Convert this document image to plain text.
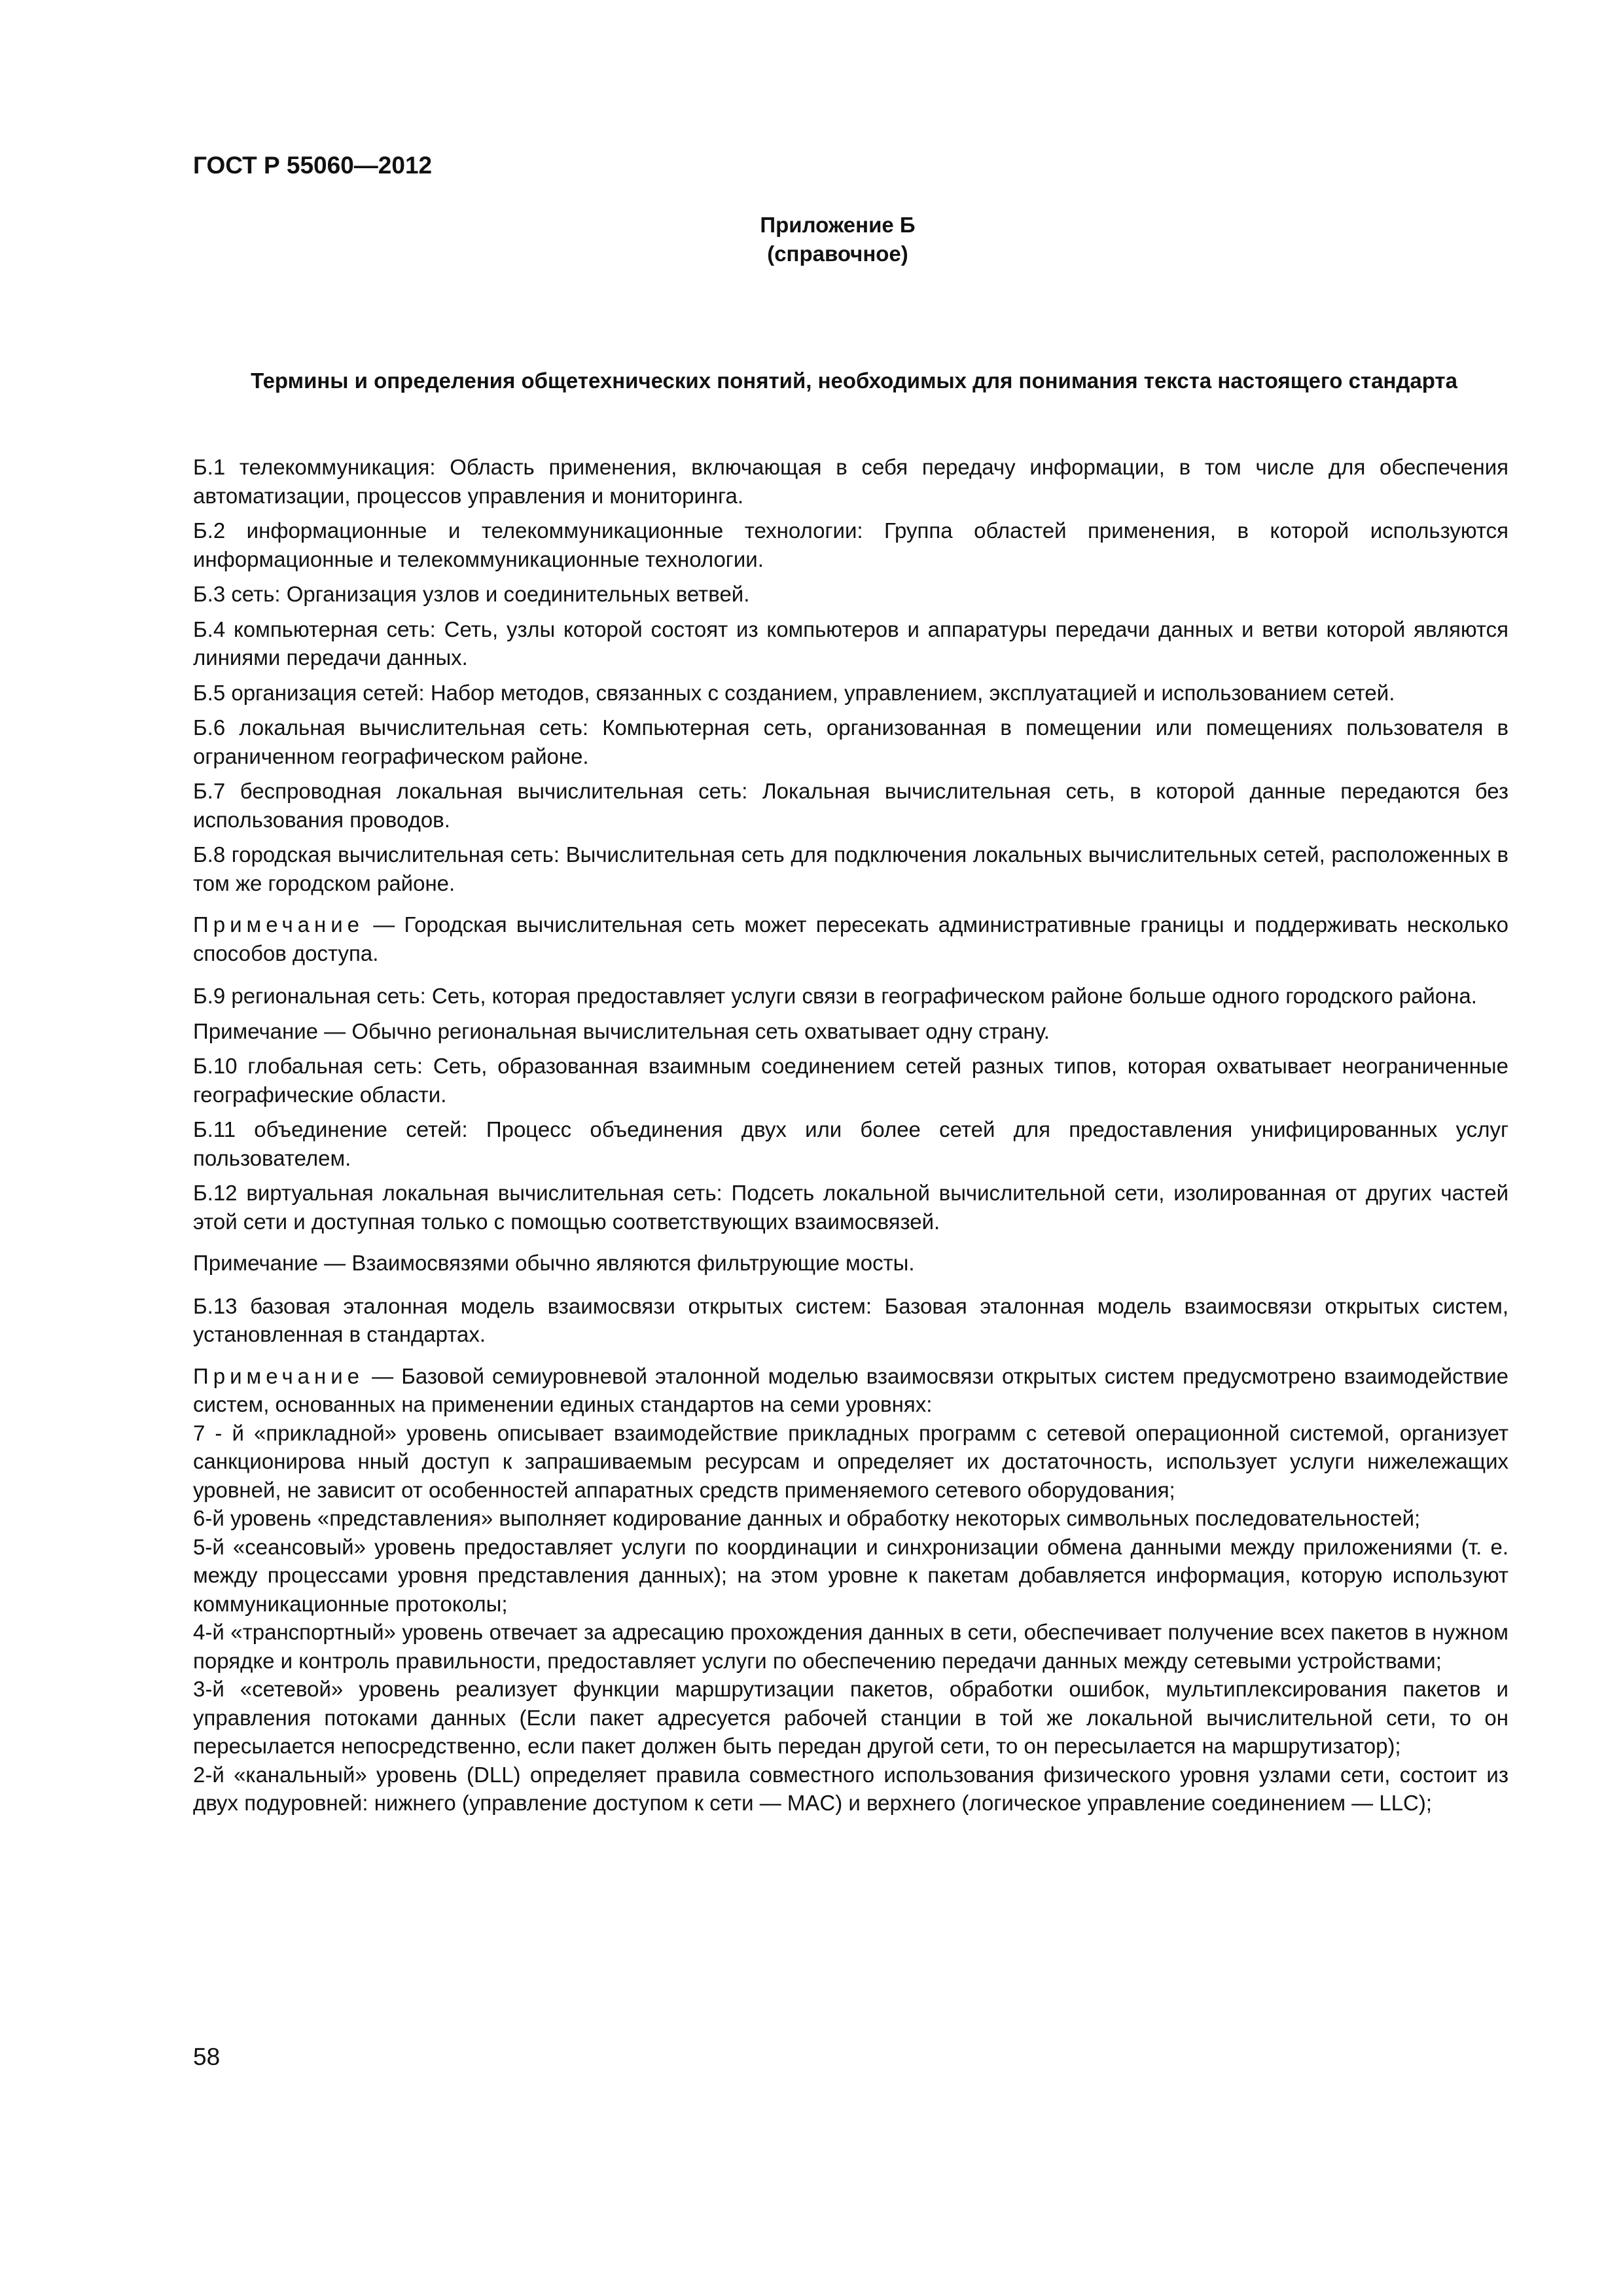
ГОСТ Р 55060—2012
Приложение Б
(справочное)
Термины и определения общетехнических понятий, необходимых для понимания текста настоящего стандарта

Б.1 телекоммуникация: Область применения, включающая в себя передачу информации, в том числе для обеспечения автоматизации, процессов управления и мониторинга.

Б.2 информационные и телекоммуникационные технологии: Группа областей применения, в которой используются информационные и телекоммуникационные технологии.

Б.3 сеть: Организация узлов и соединительных ветвей.

Б.4 компьютерная сеть: Сеть, узлы которой состоят из компьютеров и аппаратуры передачи данных и ветви которой являются линиями передачи данных.

Б.5 организация сетей: Набор методов, связанных с созданием, управлением, эксплуатацией и использованием сетей.

Б.6 локальная вычислительная сеть: Компьютерная сеть, организованная в помещении или помещениях пользователя в ограниченном географическом районе.

Б.7 беспроводная локальная вычислительная сеть: Локальная вычислительная сеть, в которой данные передаются без использования проводов.

Б.8 городская вычислительная сеть: Вычислительная сеть для подключения локальных вычислительных сетей, расположенных в том же городском районе.

Примечание — Городская вычислительная сеть может пересекать административные границы и поддерживать несколько способов доступа.

Б.9 региональная сеть: Сеть, которая предоставляет услуги связи в географическом районе больше одного городского района.

Примечание — Обычно региональная вычислительная сеть охватывает одну страну.

Б.10 глобальная сеть: Сеть, образованная взаимным соединением сетей разных типов, которая охватывает неограниченные географические области.

Б.11 объединение сетей: Процесс объединения двух или более сетей для предоставления унифицированных услуг пользователем.

Б.12 виртуальная локальная вычислительная сеть: Подсеть локальной вычислительной сети, изолированная от других частей этой сети и доступная только с помощью соответствующих взаимосвязей.

Примечание — Взаимосвязями обычно являются фильтрующие мосты.

Б.13 базовая эталонная модель взаимосвязи открытых систем: Базовая эталонная модель взаимосвязи открытых систем, установленная в стандартах.

Примечание — Базовой семиуровневой эталонной моделью взаимосвязи открытых систем предусмотрено взаимодействие систем, основанных на применении единых стандартов на семи уровнях:

7 - й «прикладной» уровень описывает взаимодействие прикладных программ с сетевой операционной системой, организует санкционирова нный доступ к запрашиваемым ресурсам и определяет их достаточность, использует услуги нижележащих уровней, не зависит от особенностей аппаратных средств применяемого сетевого оборудования;
6-й уровень «представления» выполняет кодирование данных и обработку некоторых символьных последовательностей;
5-й «сеансовый» уровень предоставляет услуги по координации и синхронизации обмена данными между приложениями (т. е. между процессами уровня представления данных); на этом уровне к пакетам добавляется информация, которую используют коммуникационные протоколы;
4-й «транспортный» уровень отвечает за адресацию прохождения данных в сети, обеспечивает получение всех пакетов в нужном порядке и контроль правильности, предоставляет услуги по обеспечению передачи данных между сетевыми устройствами;
3-й «сетевой» уровень реализует функции маршрутизации пакетов, обработки ошибок, мультиплексирования пакетов и управления потоками данных (Если пакет адресуется рабочей станции в той же локальной вычислительной сети, то он пересылается непосредственно, если пакет должен быть передан другой сети, то он пересылается на маршрутизатор);
2-й «канальный» уровень (DLL) определяет правила совместного использования физического уровня узлами сети, состоит из двух подуровней: нижнего (управление доступом к сети — MAC) и верхнего (логическое управление соединением — LLC);
58
